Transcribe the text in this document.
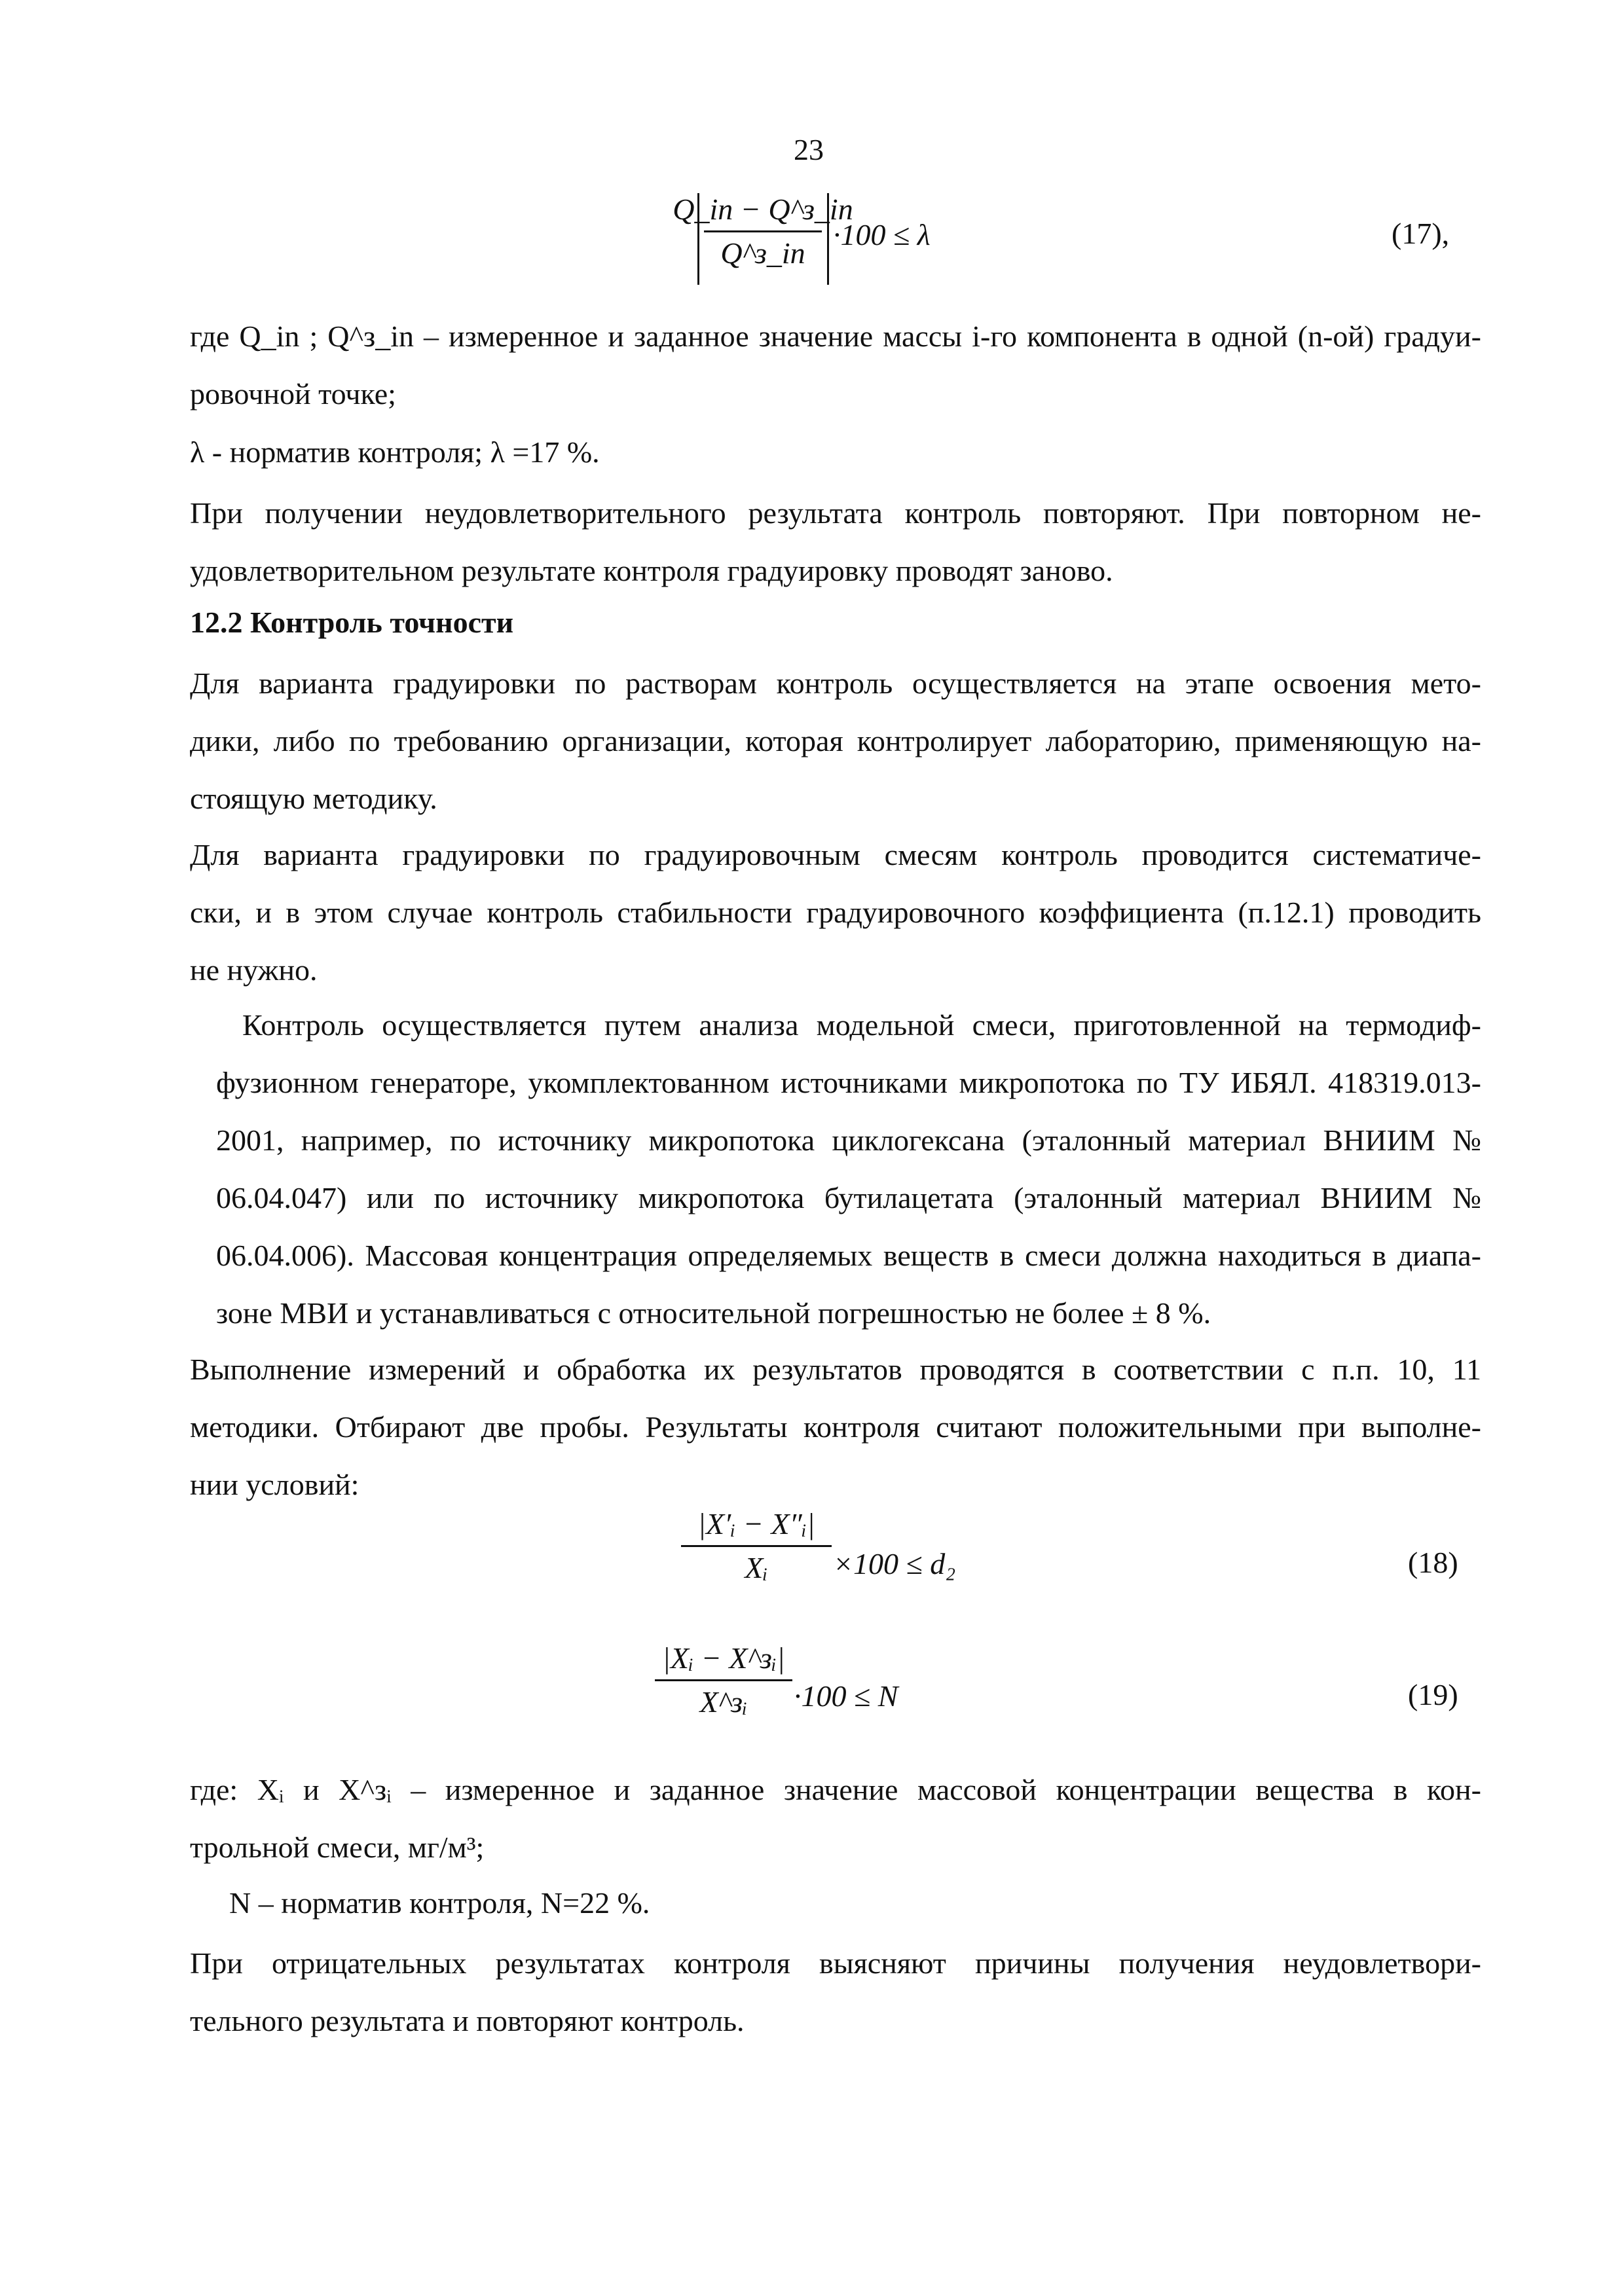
23
Q_in − Q^з_in
Q^з_in
·100 ≤ λ	(17),
где Q_in ; Q^з_in – измеренное и заданное значение массы i-го компонента в одной (n-ой) градуи-
ровочной точке;
λ - норматив контроля; λ =17 %.
При получении неудовлетворительного результата контроль повторяют. При повторном не-
удовлетворительном результате контроля градуировку проводят заново.
12.2 Контроль точности
Для варианта градуировки по растворам контроль осуществляется на этапе освоения мето-
дики, либо по требованию организации, которая контролирует лабораторию, применяющую на-
стоящую методику.
Для варианта градуировки по градуировочным смесям контроль проводится систематиче-
ски, и в этом случае контроль стабильности градуировочного коэффициента (п.12.1) проводить
не нужно.
Контроль осуществляется путем анализа модельной смеси, приготовленной на термодиф-
фузионном генераторе, укомплектованном источниками микропотока по ТУ ИБЯЛ. 418319.013-
2001, например, по источнику микропотока циклогексана (эталонный материал ВНИИМ №
06.04.047) или по источнику микропотока бутилацетата (эталонный материал ВНИИМ №
06.04.006). Массовая концентрация определяемых веществ в смеси должна находиться в диапа-
зоне МВИ и устанавливаться с относительной погрешностью не более ± 8 %.
Выполнение измерений и обработка их результатов проводятся в соответствии с п.п. 10, 11
методики. Отбирают две пробы. Результаты контроля считают положительными при выполне-
нии условий:
|X′ᵢ − X″ᵢ|
Xᵢ ×100 ≤ d₂	(18)
|Xᵢ − X^зᵢ|
X^зᵢ ·100 ≤ N	(19)
где: Xᵢ и X^зᵢ – измеренное и заданное значение массовой концентрации вещества в кон-
трольной смеси, мг/м³;
N – норматив контроля, N=22 %.
При отрицательных результатах контроля выясняют причины получения неудовлетвори-
тельного результата и повторяют контроль.
